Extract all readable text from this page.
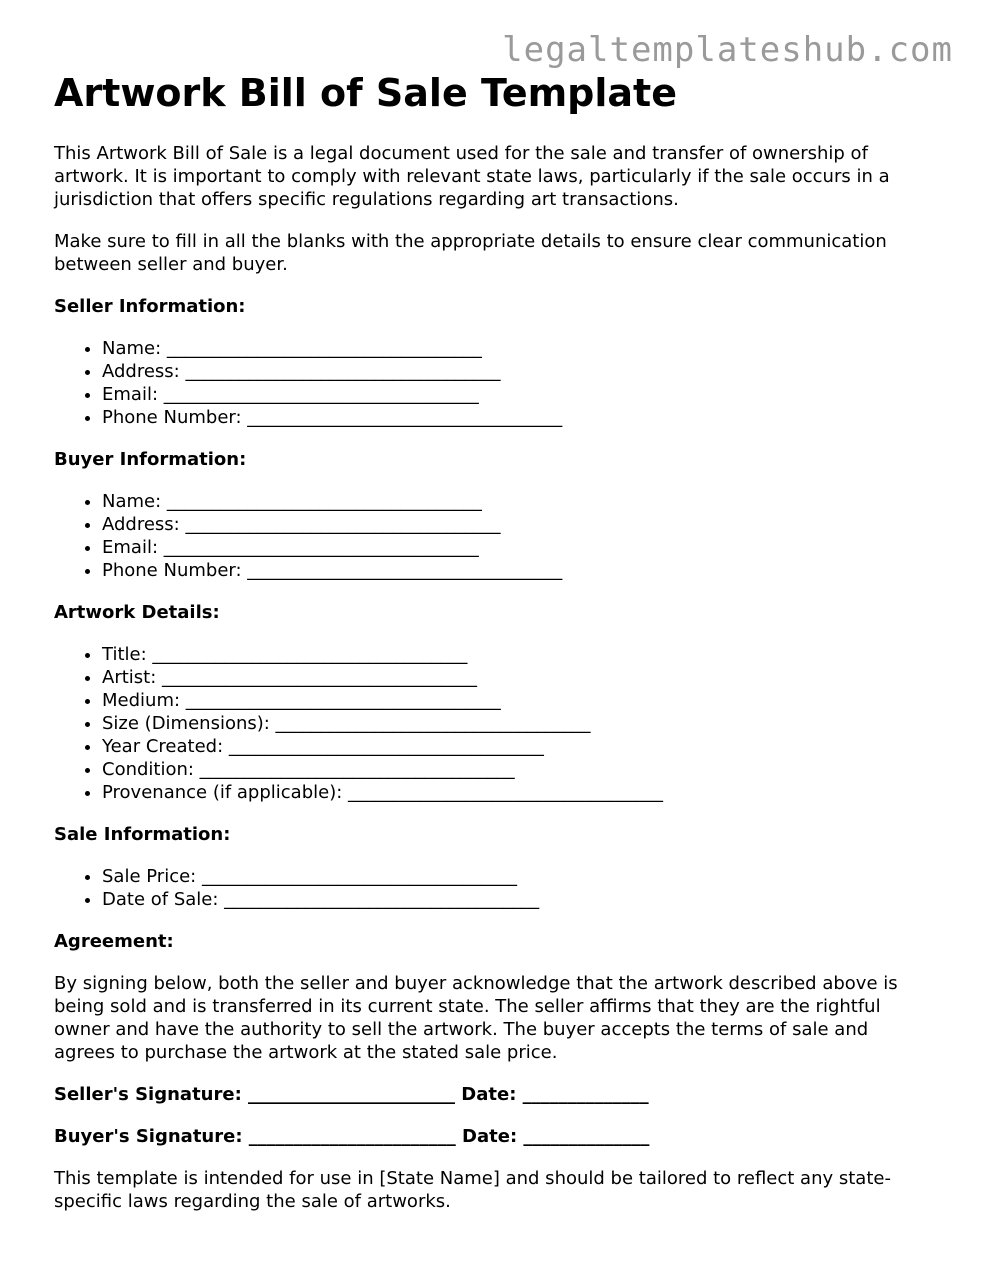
legaltemplateshub.com
Artwork Bill of Sale Template

This Artwork Bill of Sale is a legal document used for the sale and transfer of ownership of artwork. It is important to comply with relevant state laws, particularly if the sale occurs in a jurisdiction that offers specific regulations regarding art transactions.

Make sure to fill in all the blanks with the appropriate details to ensure clear communication between seller and buyer.

Seller Information:

• Name: ___________________________________
• Address: ___________________________________
• Email: ___________________________________
• Phone Number: ___________________________________

Buyer Information:

• Name: ___________________________________
• Address: ___________________________________
• Email: ___________________________________
• Phone Number: ___________________________________

Artwork Details:

• Title: ___________________________________
• Artist: ___________________________________
• Medium: ___________________________________
• Size (Dimensions): ___________________________________
• Year Created: ___________________________________
• Condition: ___________________________________
• Provenance (if applicable): ___________________________________

Sale Information:

• Sale Price: ___________________________________
• Date of Sale: ___________________________________

Agreement:

By signing below, both the seller and buyer acknowledge that the artwork described above is being sold and is transferred in its current state. The seller affirms that they are the rightful owner and have the authority to sell the artwork. The buyer accepts the terms of sale and agrees to purchase the artwork at the stated sale price.

Seller's Signature: _______________________ Date: ______________

Buyer's Signature: _______________________ Date: ______________

This template is intended for use in [State Name] and should be tailored to reflect any state-specific laws regarding the sale of artworks.
